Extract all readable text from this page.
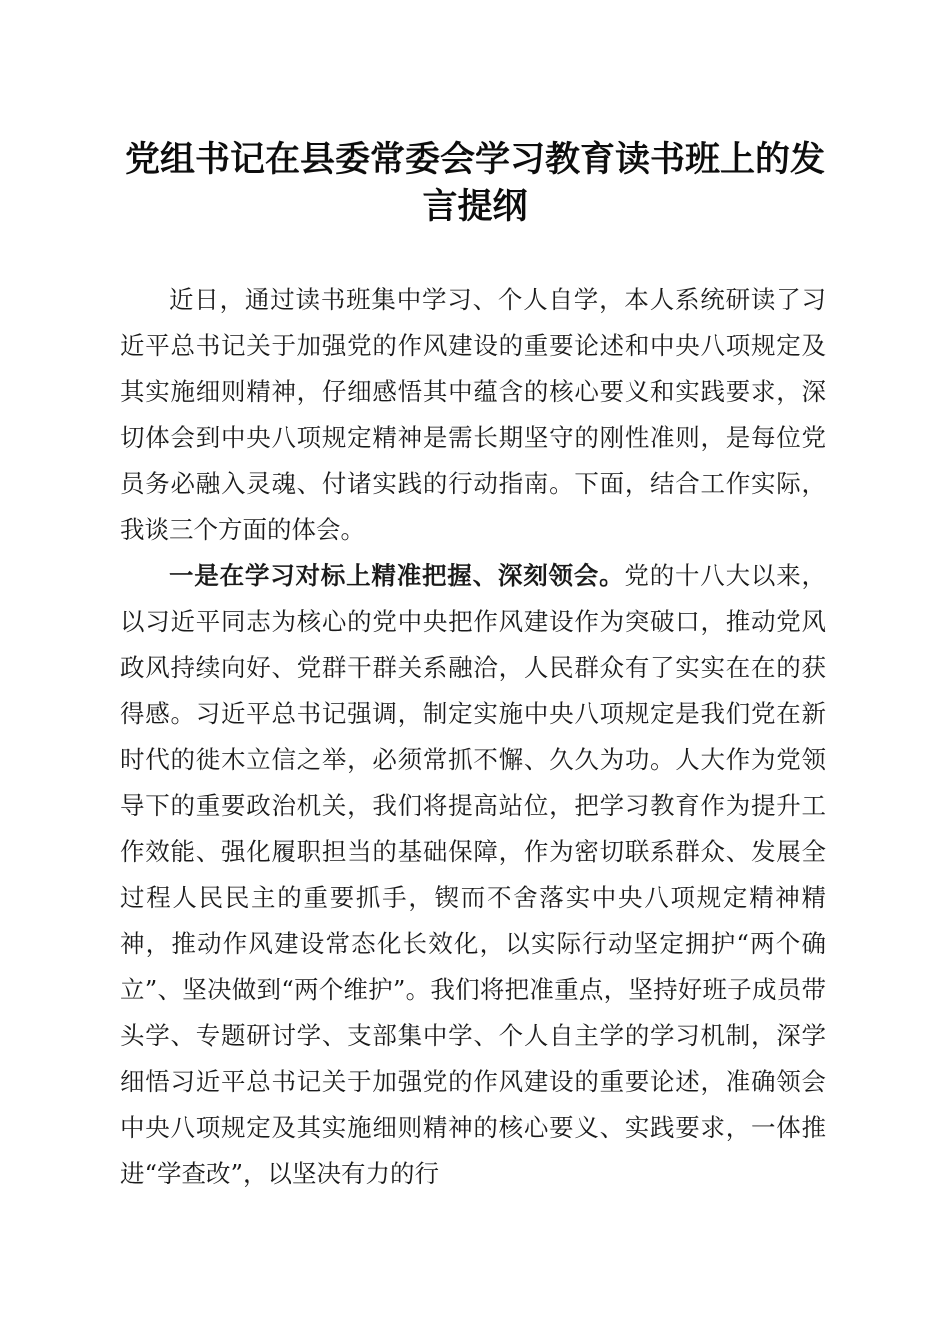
党组书记在县委常委会学习教育读书班上的发言提纲

近日，通过读书班集中学习、个人自学，本人系统研读了习近平总书记关于加强党的作风建设的重要论述和中央八项规定及其实施细则精神，仔细感悟其中蕴含的核心要义和实践要求，深切体会到中央八项规定精神是需长期坚守的刚性准则，是每位党员务必融入灵魂、付诸实践的行动指南。下面，结合工作实际，我谈三个方面的体会。

一是在学习对标上精准把握、深刻领会。党的十八大以来，以习近平同志为核心的党中央把作风建设作为突破口，推动党风政风持续向好、党群干群关系融洽，人民群众有了实实在在的获得感。习近平总书记强调，制定实施中央八项规定是我们党在新时代的徙木立信之举，必须常抓不懈、久久为功。人大作为党领导下的重要政治机关，我们将提高站位，把学习教育作为提升工作效能、强化履职担当的基础保障，作为密切联系群众、发展全过程人民民主的重要抓手，锲而不舍落实中央八项规定精神精神，推动作风建设常态化长效化，以实际行动坚定拥护“两个确立”、坚决做到“两个维护”。我们将把准重点，坚持好班子成员带头学、专题研讨学、支部集中学、个人自主学的学习机制，深学细悟习近平总书记关于加强党的作风建设的重要论述，准确领会中央八项规定及其实施细则精神的核心要义、实践要求，一体推进“学查改”，以坚决有力的行
